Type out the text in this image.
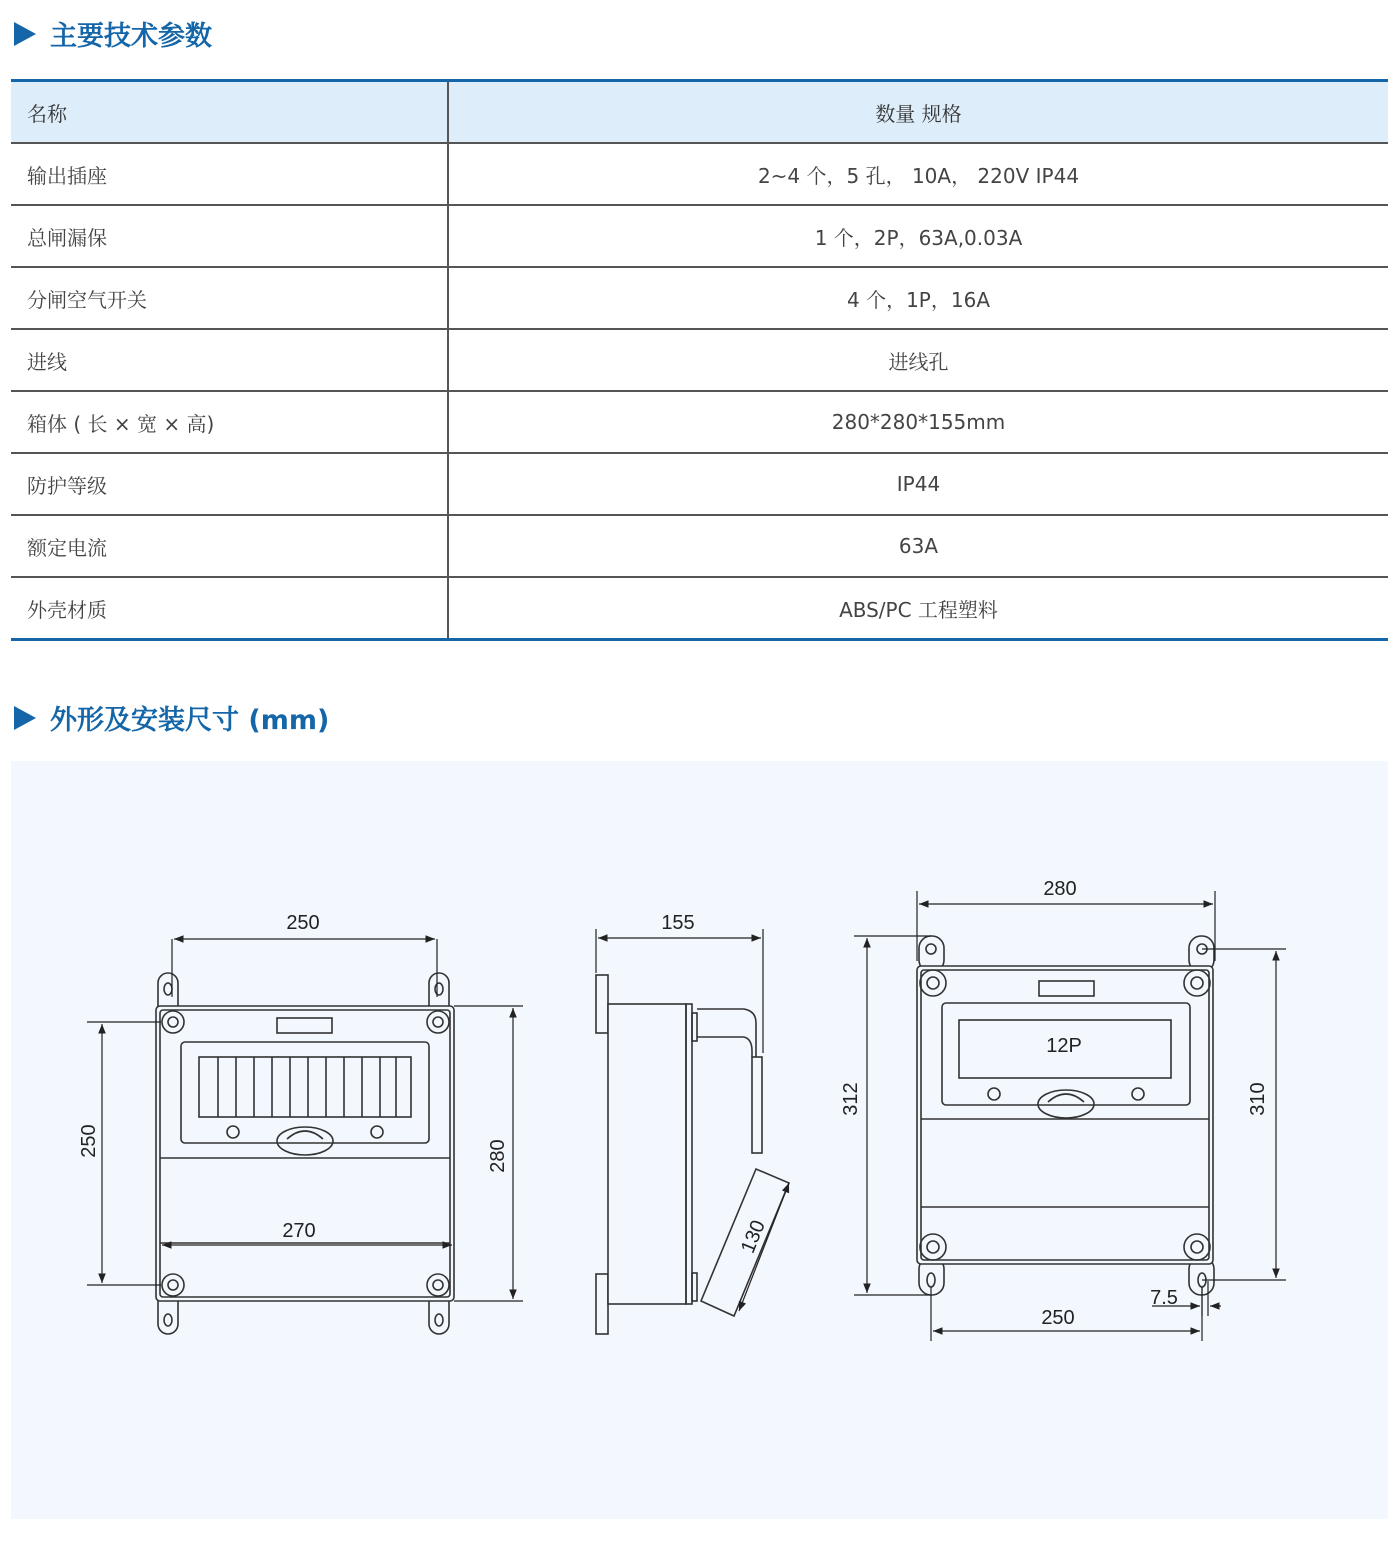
主要技术参数
名称	数量 规格
输出插座	2~4 个，5 孔， 10A， 220V IP44
总闸漏保	1 个，2P，63A,0.03A
分闸空气开关	4 个，1P，16A
进线	进线孔
箱体 ( 长 × 宽 × 高)	280*280*155mm
防护等级	IP44
额定电流	63A
外壳材质	ABS/PC 工程塑料
外形及安装尺寸 (mm)
250
270
250	280
155
130
280
12P
312	310
7.5
250
